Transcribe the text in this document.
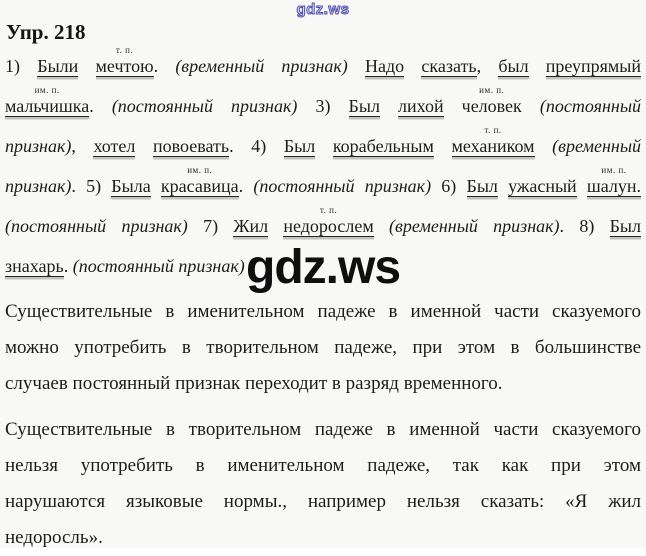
gdz.ws
Упр. 218
1) Были мечтою
т. п.
. (временный признак) Надо сказать, был преупрямый
мальчишка
им. п.
. (постоянный признак) 3) Был лихой человек
им. п.
(постоянный
признак), хотел повоевать. 4) Был корабельным механиком
т. п.
(временный
признак). 5) Была красавица
им. п.
. (постоянный признак) 6) Был ужасный шалун.
им. п.
(постоянный признак) 7) Жил недорослем
т. п.
(временный признак). 8) Был
знахарь. (постоянный признак) gdz.ws
Существительные в именительном падеже в именной части сказуемого
можно употребить в творительном падеже, при этом в большинстве
случаев постоянный признак переходит в разряд временного.
Существительные в творительном падеже в именной части сказуемого
нельзя употребить в именительном падеже, так как при этом
нарушаются языковые нормы., например нельзя сказать: «Я жил
недоросль».
